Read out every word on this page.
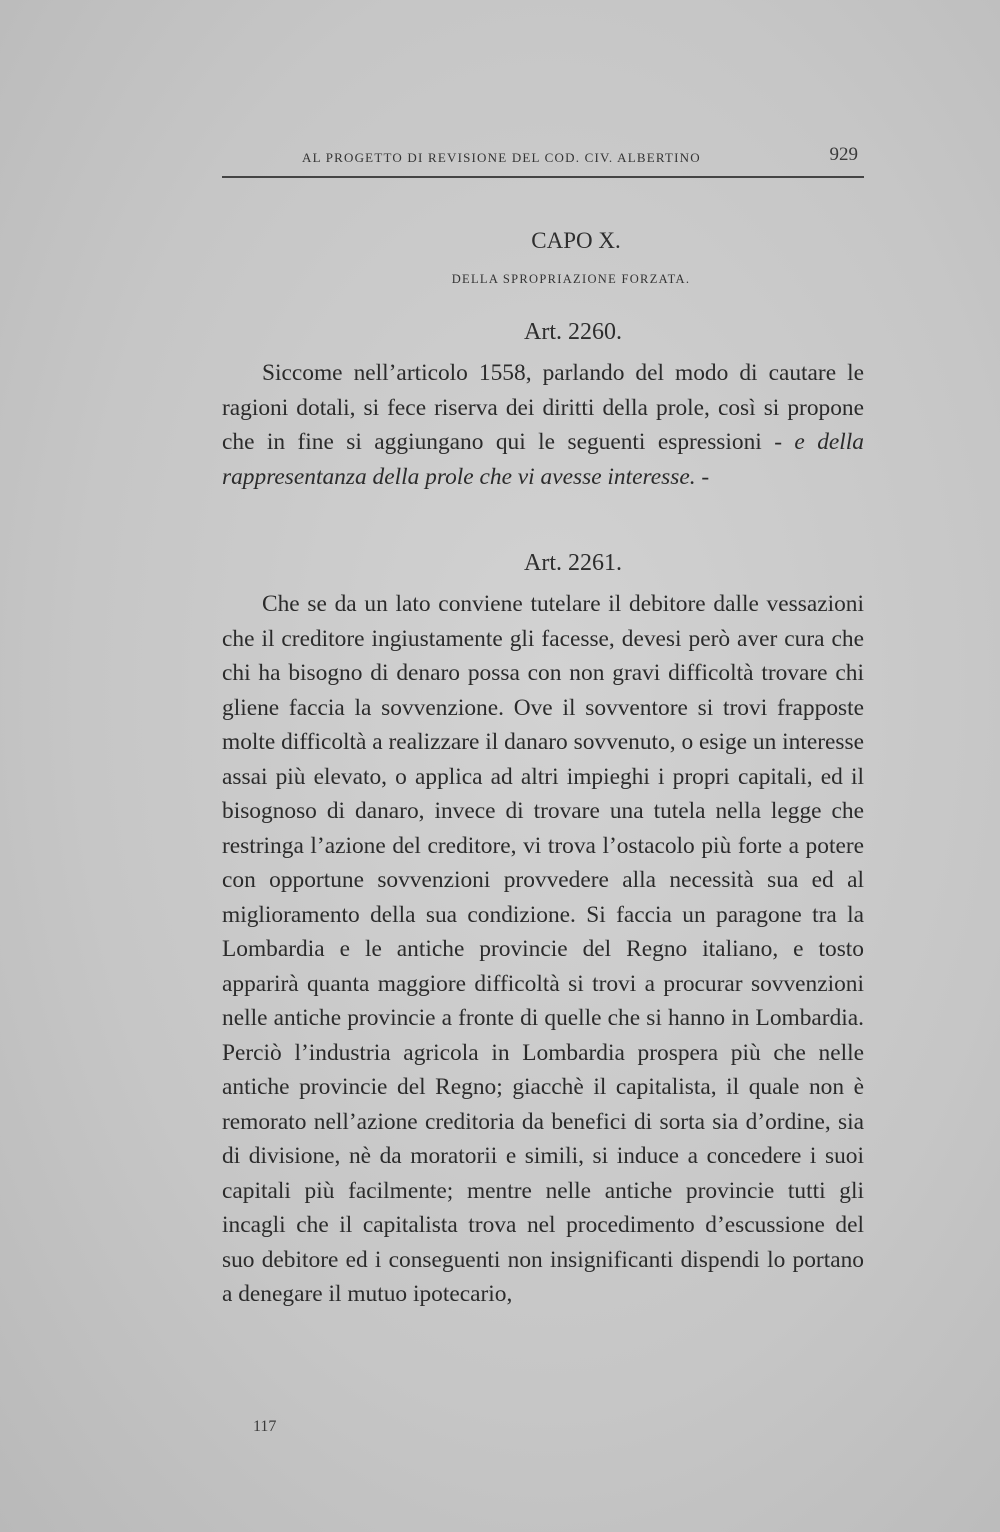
AL PROGETTO DI REVISIONE DEL COD. CIV. ALBERTINO	929
CAPO X.
DELLA SPROPRIAZIONE FORZATA.
Art. 2260.

Siccome nell’articolo 1558, parlando del modo di cautare le ragioni dotali, si fece riserva dei diritti della prole, così si propone che in fine si aggiungano qui le seguenti espressioni - e della rappresentanza della prole che vi avesse interesse. -

Art. 2261.

Che se da un lato conviene tutelare il debitore dalle vessazioni che il creditore ingiustamente gli facesse, devesi però aver cura che chi ha bisogno di denaro possa con non gravi difficoltà trovare chi gliene faccia la sovvenzione. Ove il sovventore si trovi frapposte molte difficoltà a realizzare il danaro sovvenuto, o esige un interesse assai più elevato, o applica ad altri impieghi i propri capitali, ed il bisognoso di danaro, invece di trovare una tutela nella legge che restringa l’azione del creditore, vi trova l’ostacolo più forte a potere con opportune sovvenzioni provvedere alla necessità sua ed al miglioramento della sua condizione. Si faccia un paragone tra la Lombardia e le antiche provincie del Regno italiano, e tosto apparirà quanta maggiore difficoltà si trovi a procurar sovvenzioni nelle antiche provincie a fronte di quelle che si hanno in Lombardia. Perciò l’industria agricola in Lombardia prospera più che nelle antiche provincie del Regno; giacchè il capitalista, il quale non è remorato nell’azione creditoria da benefici di sorta sia d’ordine, sia di divisione, nè da moratorii e simili, si induce a concedere i suoi capitali più facilmente; mentre nelle antiche provincie tutti gli incagli che il capitalista trova nel procedimento d’escussione del suo debitore ed i conseguenti non insignificanti dispendi lo portano a denegare il mutuo ipotecario,

117
